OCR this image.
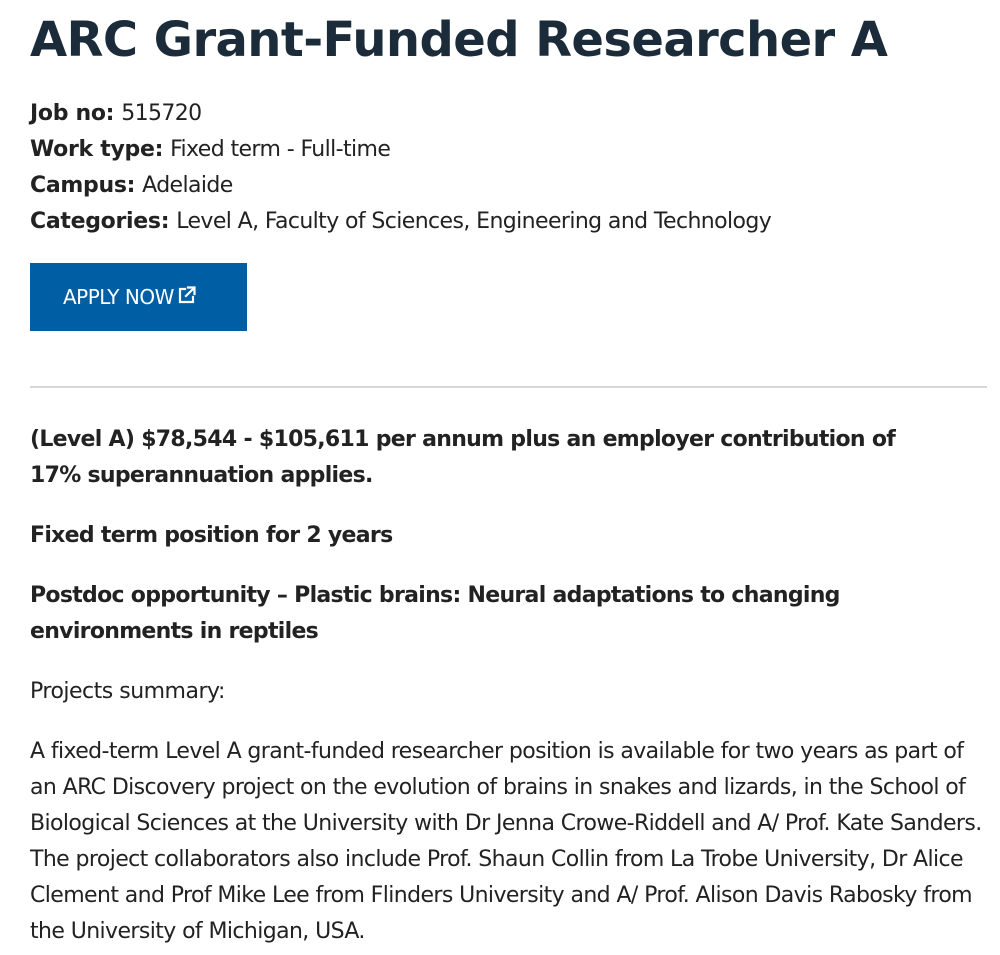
ARC Grant-Funded Researcher A
Job no: 515720
Work type: Fixed term - Full-time
Campus: Adelaide
Categories: Level A, Faculty of Sciences, Engineering and Technology
APPLY NOW
(Level A) $78,544 - $105,611 per annum plus an employer contribution of 17% superannuation applies.
Fixed term position for 2 years
Postdoc opportunity – Plastic brains: Neural adaptations to changing environments in reptiles
Projects summary:
A fixed-term Level A grant-funded researcher position is available for two years as part of an ARC Discovery project on the evolution of brains in snakes and lizards, in the School of Biological Sciences at the University with Dr Jenna Crowe-Riddell and A/ Prof. Kate Sanders. The project collaborators also include Prof. Shaun Collin from La Trobe University, Dr Alice Clement and Prof Mike Lee from Flinders University and A/ Prof. Alison Davis Rabosky from the University of Michigan, USA.
